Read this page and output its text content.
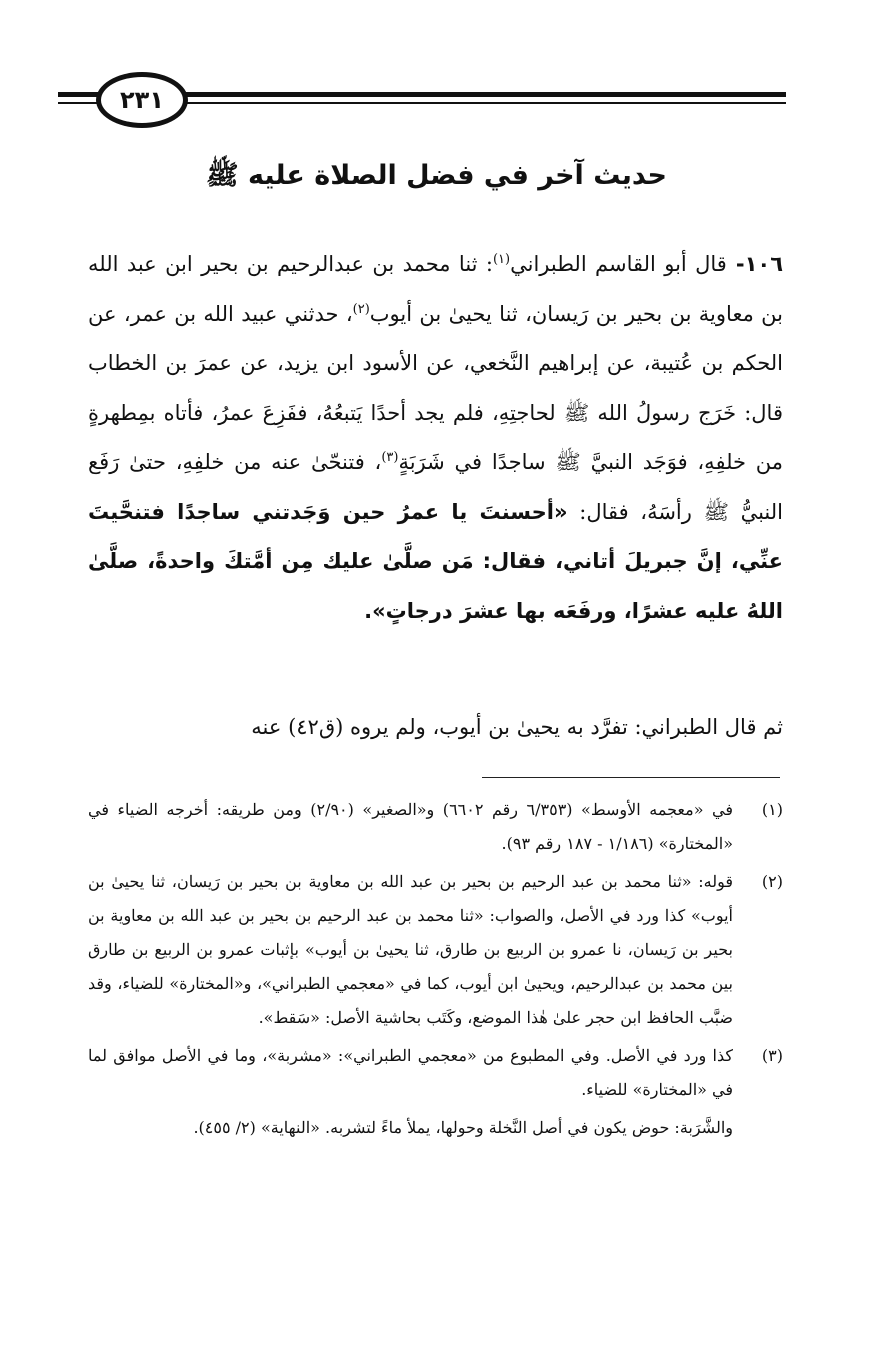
٢٣١
حديث آخر في فضل الصلاة عليه ﷺ

١٠٦- قال أبو القاسم الطبراني$^{(١)}$: ثنا محمد بن عبدالرحيم بن بحير ابن عبد الله بن معاوية بن بحير بن رَيسان، ثنا يحيىٰ بن أيوب$^{(٢)}$، حدثني عبيد الله بن عمر، عن الحكم بن عُتيبة، عن إبراهيم النَّخعي، عن الأسود ابن يزيد، عن عمرَ بن الخطاب قال: خَرَج رسولُ الله ﷺ لحاجتِهِ، فلم يجد أحدًا يَتبعُهُ، ففَزِعَ عمرُ، فأتاه بمِطهرةٍ من خلفِهِ، فوَجَد النبيَّ ﷺ ساجدًا في شَرَبَةٍ$^{(٣)}$، فتنحّىٰ عنه من خلفِهِ، حتىٰ رَفَع النبيُّ ﷺ رأسَهُ، فقال: «أحسنتَ يا عمرُ حين وَجَدتني ساجدًا فتنحَّيتَ عنِّي، إنَّ جبريلَ أتاني، فقال: مَن صلَّىٰ عليك مِن أمَّتكَ واحدةً، صلَّىٰ اللهُ عليه عشرًا، ورفَعَه بها عشرَ درجاتٍ».

ثم قال الطبراني: تفرَّد به يحيىٰ بن أيوب، ولم يروه (ق٤٢) عنه

(١)
في «معجمه الأوسط» (٦/٣٥٣ رقم ٦٦٠٢) و«الصغير» (٢/٩٠) ومن طريقه: أخرجه الضياء في «المختارة» (١/١٨٦ - ١٨٧ رقم ٩٣).
(٢)
قوله: «ثنا محمد بن عبد الرحيم بن بحير بن عبد الله بن معاوية بن بحير بن رَيسان، ثنا يحيىٰ بن أيوب» كذا ورد في الأصل، والصواب: «ثنا محمد بن عبد الرحيم بن بحير بن عبد الله بن معاوية بن بحير بن رَيسان، نا عمرو بن الربيع بن طارق، ثنا يحيىٰ بن أيوب» بإثبات عمرو بن الربيع بن طارق بين محمد بن عبدالرحيم، ويحيىٰ ابن أيوب، كما في «معجمي الطبراني»، و«المختارة» للضياء، وقد ضبَّب الحافظ ابن حجر علىٰ هٰذا الموضع، وكَتَب بحاشية الأصل: «سَقط».
(٣)
كذا ورد في الأصل. وفي المطبوع من «معجمي الطبراني»: «مشربة»، وما في الأصل موافق لما في «المختارة» للضياء.

والشَّرَبة: حوض يكون في أصل النَّخلة وحولها، يملأ ماءً لتشربه. «النهاية» (٢/ ٤٥٥).
